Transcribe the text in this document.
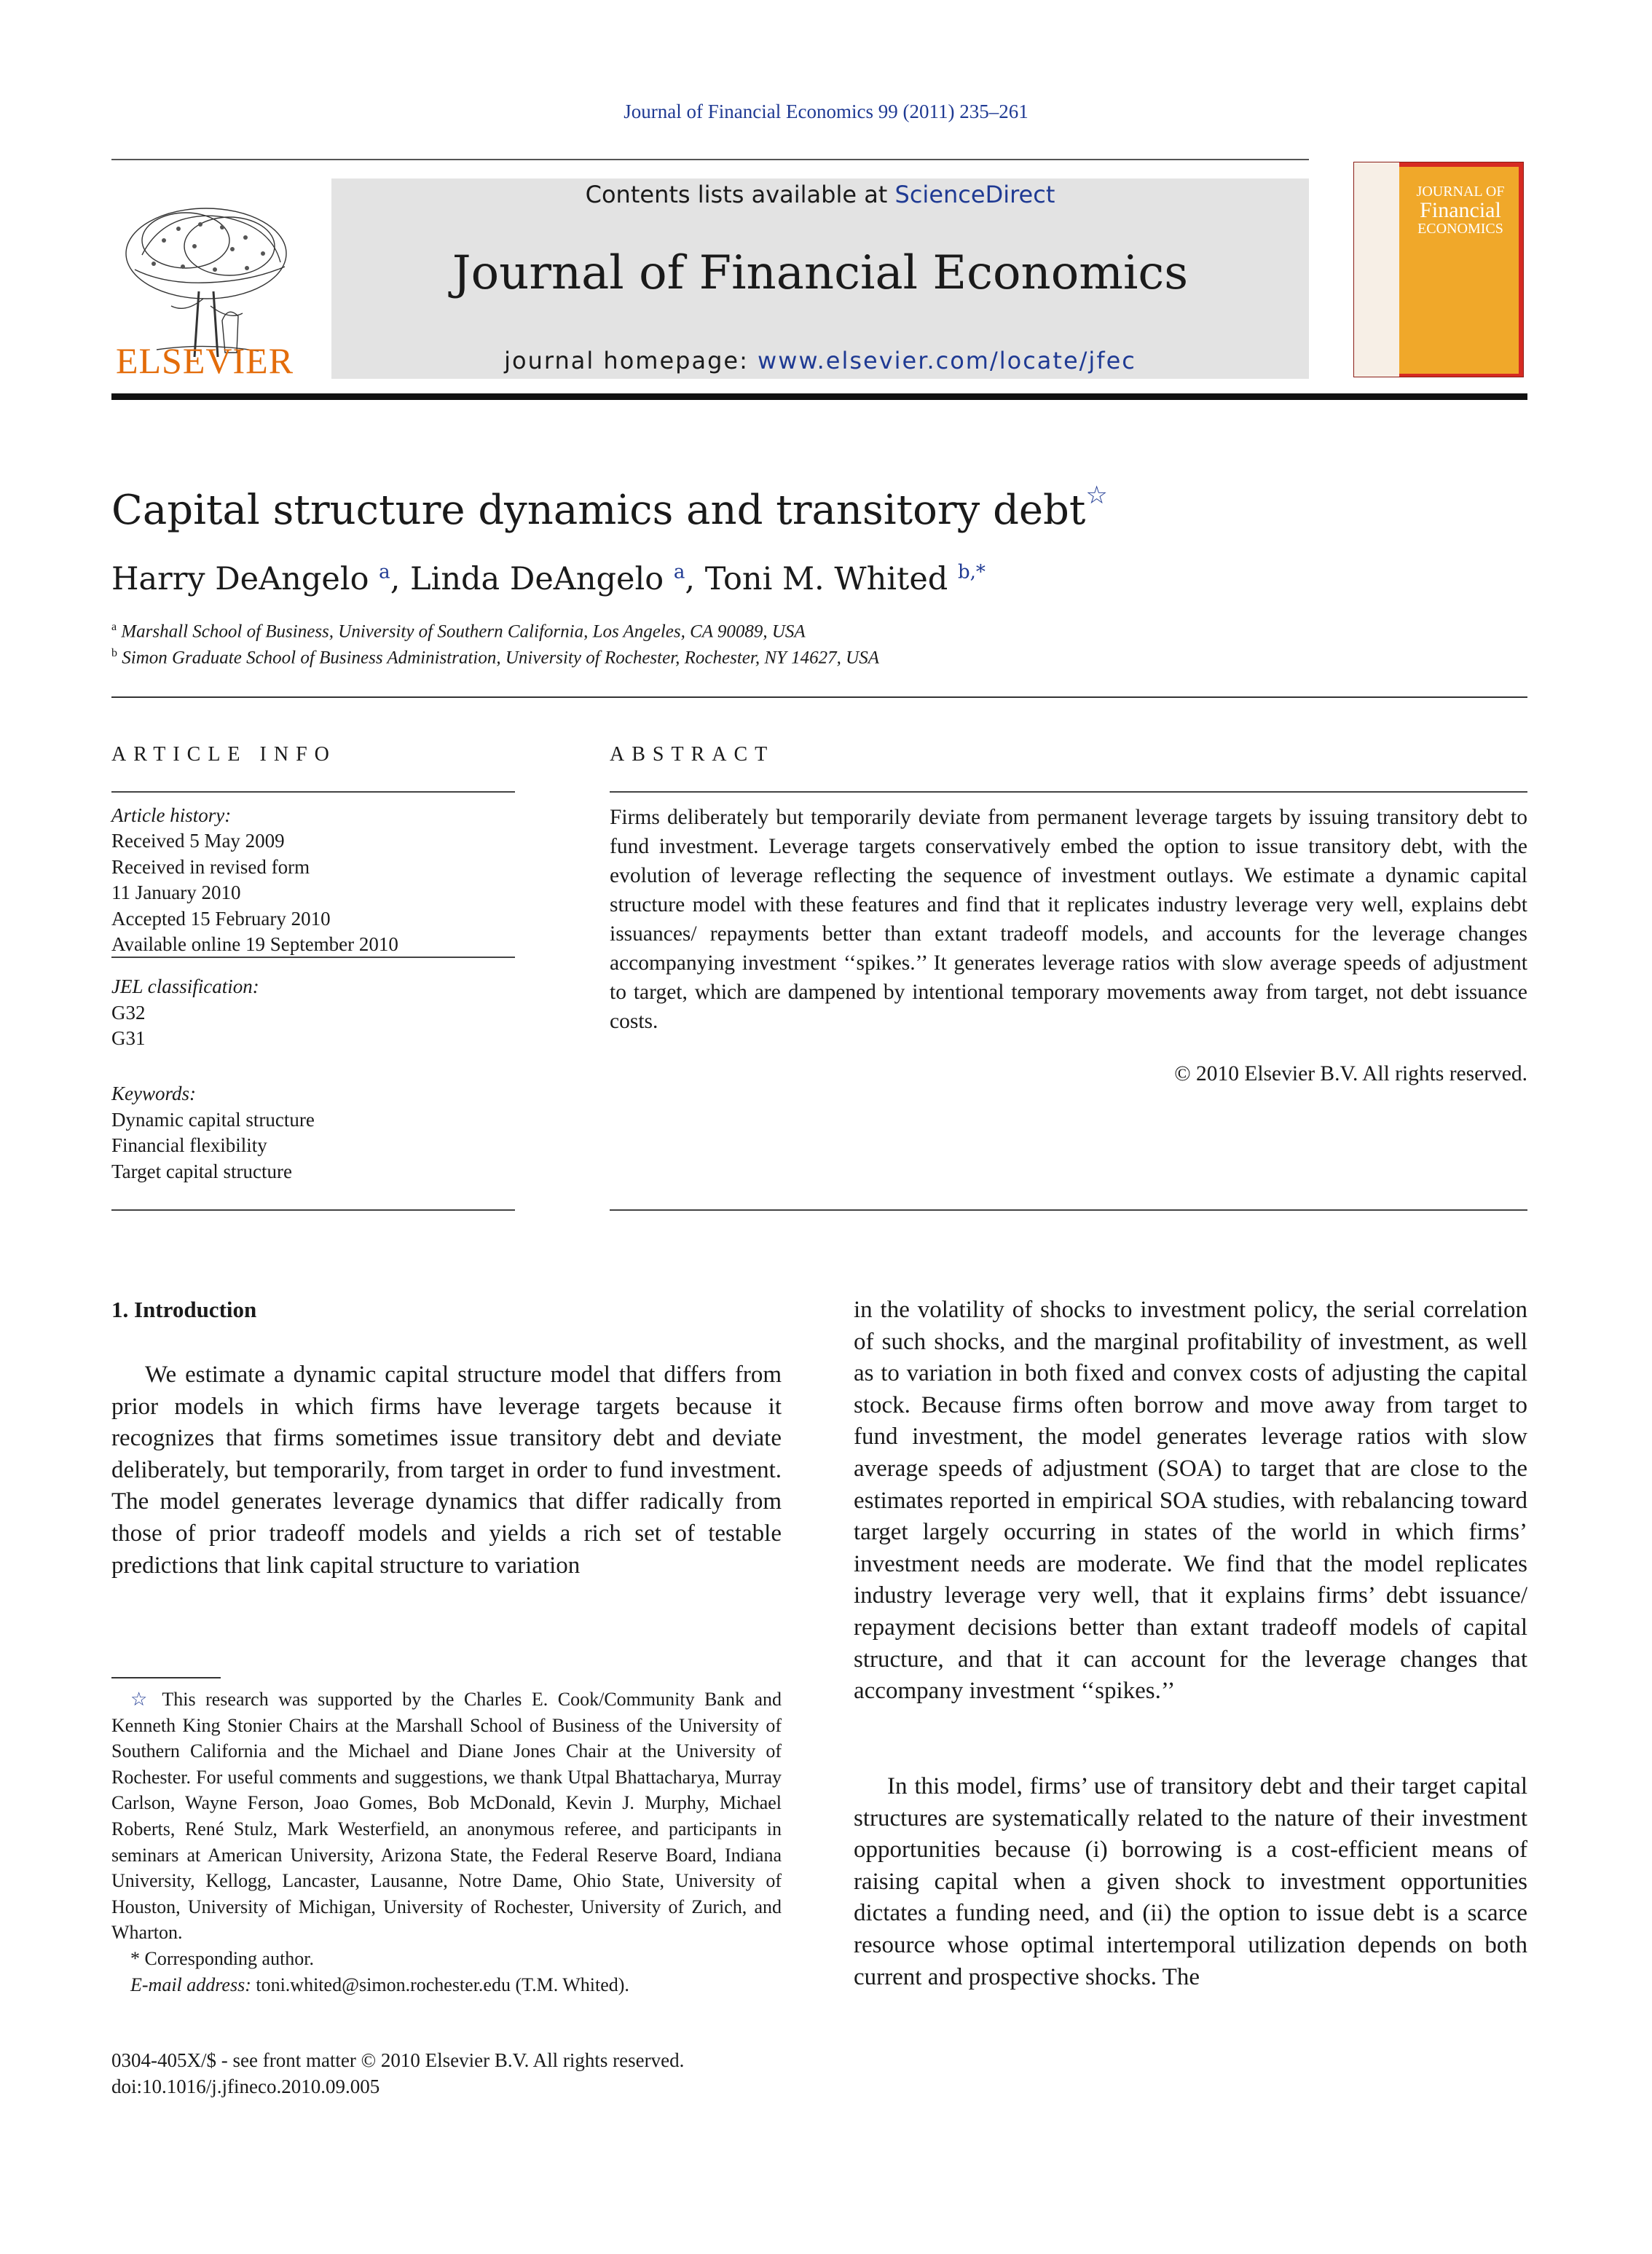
Journal of Financial Economics 99 (2011) 235–261
ELSEVIER
Contents lists available at ScienceDirect
Journal of Financial Economics
journal homepage: www.elsevier.com/locate/jfec
JOURNAL OF
Financial
ECONOMICS
Capital structure dynamics and transitory debt☆
Harry DeAngelo $^a$, Linda DeAngelo $^a$, Toni M. Whited $^{b,*}$
$^a$ Marshall School of Business, University of Southern California, Los Angeles, CA 90089, USA
$^b$ Simon Graduate School of Business Administration, University of Rochester, Rochester, NY 14627, USA
ARTICLE INFO	ABSTRACT
Article history:
Received 5 May 2009
Received in revised form
11 January 2010
Accepted 15 February 2010
Available online 19 September 2010
JEL classification:
G32
G31
Keywords:
Dynamic capital structure
Financial flexibility
Target capital structure
Firms deliberately but temporarily deviate from permanent leverage targets by issuing transitory debt to fund investment. Leverage targets conservatively embed the option to issue transitory debt, with the evolution of leverage reflecting the sequence of investment outlays. We estimate a dynamic capital structure model with these features and find that it replicates industry leverage very well, explains debt issuances/ repayments better than extant tradeoff models, and accounts for the leverage changes accompanying investment ‘‘spikes.’’ It generates leverage ratios with slow average speeds of adjustment to target, which are dampened by intentional temporary movements away from target, not debt issuance costs.
© 2010 Elsevier B.V. All rights reserved.
1. Introduction
We estimate a dynamic capital structure model that differs from prior models in which firms have leverage targets because it recognizes that firms sometimes issue transitory debt and deviate deliberately, but temporarily, from target in order to fund investment. The model generates leverage dynamics that differ radically from those of prior tradeoff models and yields a rich set of testable predictions that link capital structure to variation
in the volatility of shocks to investment policy, the serial correlation of such shocks, and the marginal profitability of investment, as well as to variation in both fixed and convex costs of adjusting the capital stock. Because firms often borrow and move away from target to fund investment, the model generates leverage ratios with slow average speeds of adjustment (SOA) to target that are close to the estimates reported in empirical SOA studies, with rebalancing toward target largely occurring in states of the world in which firms’ investment needs are moderate. We find that the model replicates industry leverage very well, that it explains firms’ debt issuance/ repayment decisions better than extant tradeoff models of capital structure, and that it can account for the leverage changes that accompany investment ‘‘spikes.’’
In this model, firms’ use of transitory debt and their target capital structures are systematically related to the nature of their investment opportunities because (i) borrowing is a cost-efficient means of raising capital when a given shock to investment opportunities dictates a funding need, and (ii) the option to issue debt is a scarce resource whose optimal intertemporal utilization depends on both current and prospective shocks. The
☆ This research was supported by the Charles E. Cook/Community Bank and Kenneth King Stonier Chairs at the Marshall School of Business of the University of Southern California and the Michael and Diane Jones Chair at the University of Rochester. For useful comments and suggestions, we thank Utpal Bhattacharya, Murray Carlson, Wayne Ferson, Joao Gomes, Bob McDonald, Kevin J. Murphy, Michael Roberts, René Stulz, Mark Westerfield, an anonymous referee, and participants in seminars at American University, Arizona State, the Federal Reserve Board, Indiana University, Kellogg, Lancaster, Lausanne, Notre Dame, Ohio State, University of Houston, University of Michigan, University of Rochester, University of Zurich, and Wharton.
* Corresponding author.
E-mail address: toni.whited@simon.rochester.edu (T.M. Whited).
0304-405X/$ - see front matter © 2010 Elsevier B.V. All rights reserved.
doi:10.1016/j.jfineco.2010.09.005
